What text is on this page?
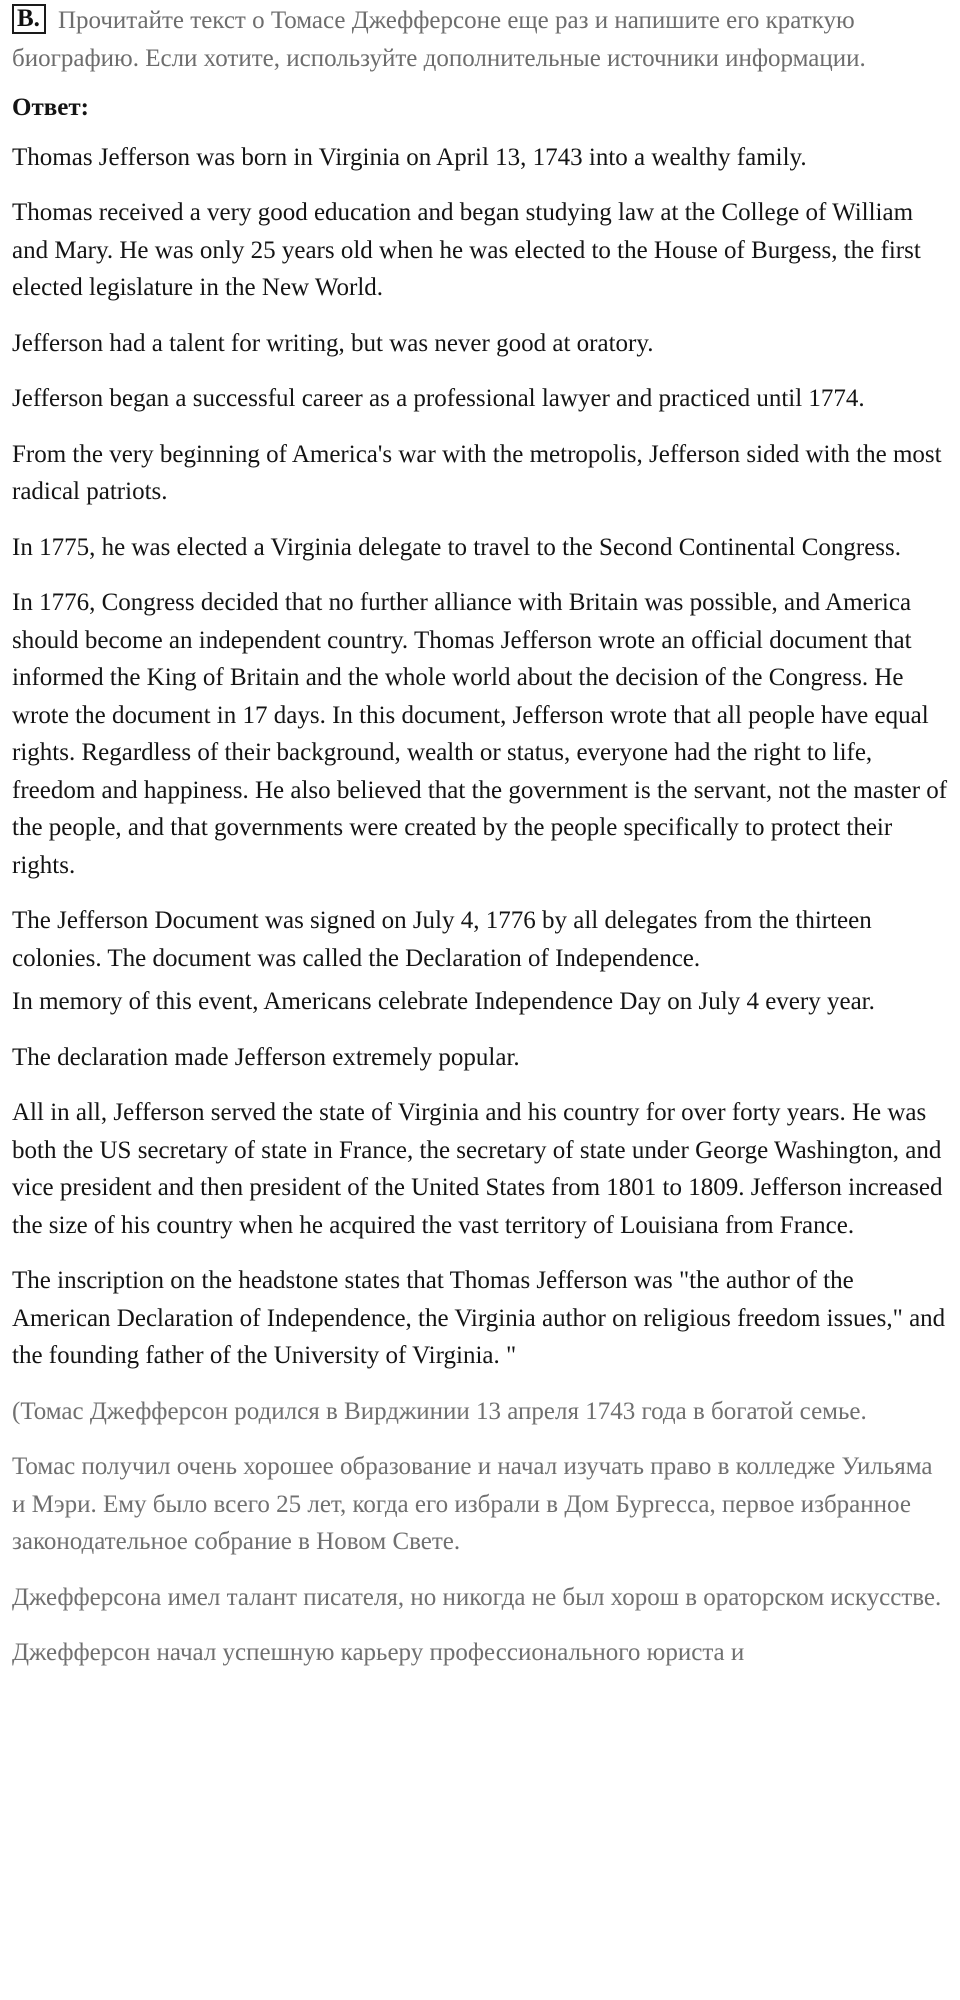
B. Прочитайте текст о Томасе Джефферсоне еще раз и напишите его краткую биографию. Если хотите, используйте дополнительные источники информации.

Ответ:

Thomas Jefferson was born in Virginia on April 13, 1743 into a wealthy family.

Thomas received a very good education and began studying law at the College of William and Mary. He was only 25 years old when he was elected to the House of Burgess, the first elected legislature in the New World.

Jefferson had a talent for writing, but was never good at oratory.

Jefferson began a successful career as a professional lawyer and practiced until 1774.

From the very beginning of America's war with the metropolis, Jefferson sided with the most radical patriots.

In 1775, he was elected a Virginia delegate to travel to the Second Continental Congress.

In 1776, Congress decided that no further alliance with Britain was possible, and America should become an independent country. Thomas Jefferson wrote an official document that informed the King of Britain and the whole world about the decision of the Congress. He wrote the document in 17 days. In this document, Jefferson wrote that all people have equal rights. Regardless of their background, wealth or status, everyone had the right to life, freedom and happiness. He also believed that the government is the servant, not the master of the people, and that governments were created by the people specifically to protect their rights.

The Jefferson Document was signed on July 4, 1776 by all delegates from the thirteen colonies. The document was called the Declaration of Independence.

In memory of this event, Americans celebrate Independence Day on July 4 every year.

The declaration made Jefferson extremely popular.

All in all, Jefferson served the state of Virginia and his country for over forty years. He was both the US secretary of state in France, the secretary of state under George Washington, and vice president and then president of the United States from 1801 to 1809. Jefferson increased the size of his country when he acquired the vast territory of Louisiana from France.

The inscription on the headstone states that Thomas Jefferson was "the author of the American Declaration of Independence, the Virginia author on religious freedom issues," and the founding father of the University of Virginia. "

(Томас Джефферсон родился в Вирджинии 13 апреля 1743 года в богатой семье.

Томас получил очень хорошее образование и начал изучать право в колледже Уильяма и Мэри. Ему было всего 25 лет, когда его избрали в Дом Бургесса, первое избранное законодательное собрание в Новом Свете.

Джефферсона имел талант писателя, но никогда не был хорош в ораторском искусстве.

Джефферсон начал успешную карьеру профессионального юриста и
